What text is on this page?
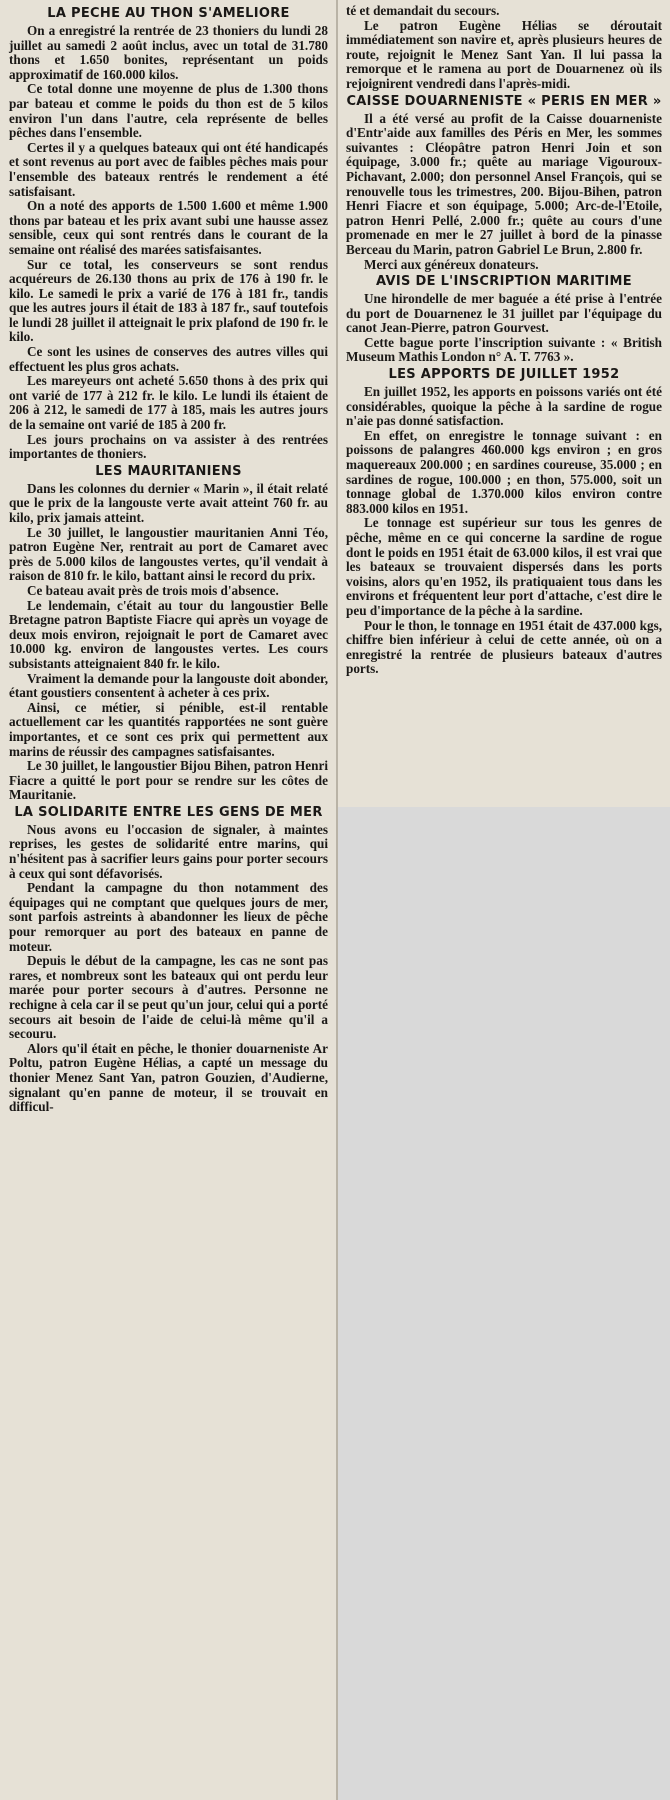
LA PECHE AU THON S'AMELIORE

On a enregistré la rentrée de 23 thoniers du lundi 28 juillet au samedi 2 août inclus, avec un total de 31.780 thons et 1.650 bonites, représentant un poids approximatif de 160.000 kilos.

Ce total donne une moyenne de plus de 1.300 thons par bateau et comme le poids du thon est de 5 kilos environ l'un dans l'autre, cela représente de belles pêches dans l'ensemble.

Certes il y a quelques bateaux qui ont été handicapés et sont revenus au port avec de faibles pêches mais pour l'ensemble des bateaux rentrés le rendement a été satisfaisant.

On a noté des apports de 1.500 1.600 et même 1.900 thons par bateau et les prix avant subi une hausse assez sensible, ceux qui sont rentrés dans le courant de la semaine ont réalisé des marées satisfaisantes.

Sur ce total, les conserveurs se sont rendus acquéreurs de 26.130 thons au prix de 176 à 190 fr. le kilo. Le samedi le prix a varié de 176 à 181 fr., tandis que les autres jours il était de 183 à 187 fr., sauf toutefois le lundi 28 juillet il atteignait le prix plafond de 190 fr. le kilo.

Ce sont les usines de conserves des autres villes qui effectuent les plus gros achats.

Les mareyeurs ont acheté 5.650 thons à des prix qui ont varié de 177 à 212 fr. le kilo. Le lundi ils étaient de 206 à 212, le samedi de 177 à 185, mais les autres jours de la semaine ont varié de 185 à 200 fr.

Les jours prochains on va assister à des rentrées importantes de thoniers.

LES MAURITANIENS

Dans les colonnes du dernier « Marin », il était relaté que le prix de la langouste verte avait atteint 760 fr. au kilo, prix jamais atteint.

Le 30 juillet, le langoustier mauritanien Anni Téo, patron Eugène Ner, rentrait au port de Camaret avec près de 5.000 kilos de langoustes vertes, qu'il vendait à raison de 810 fr. le kilo, battant ainsi le record du prix.

Ce bateau avait près de trois mois d'absence.

Le lendemain, c'était au tour du langoustier Belle Bretagne patron Baptiste Fiacre qui après un voyage de deux mois environ, rejoignait le port de Camaret avec 10.000 kg. environ de langoustes vertes. Les cours subsistants atteignaient 840 fr. le kilo.

Vraiment la demande pour la langouste doit abonder, étant goustiers consentent à acheter à ces prix.

Ainsi, ce métier, si pénible, est-il rentable actuellement car les quantités rapportées ne sont guère importantes, et ce sont ces prix qui permettent aux marins de réussir des campagnes satisfaisantes.

Le 30 juillet, le langoustier Bijou Bihen, patron Henri Fiacre a quitté le port pour se rendre sur les côtes de Mauritanie.

LA SOLIDARITE ENTRE LES GENS DE MER

Nous avons eu l'occasion de signaler, à maintes reprises, les gestes de solidarité entre marins, qui n'hésitent pas à sacrifier leurs gains pour porter secours à ceux qui sont défavorisés.

Pendant la campagne du thon notamment des équipages qui ne comptant que quelques jours de mer, sont parfois astreints à abandonner les lieux de pêche pour remorquer au port des bateaux en panne de moteur.

Depuis le début de la campagne, les cas ne sont pas rares, et nombreux sont les bateaux qui ont perdu leur marée pour porter secours à d'autres. Personne ne rechigne à cela car il se peut qu'un jour, celui qui a porté secours ait besoin de l'aide de celui-là même qu'il a secouru.

Alors qu'il était en pêche, le thonier douarneniste Ar Poltu, patron Eugène Hélias, a capté un message du thonier Menez Sant Yan, patron Gouzien, d'Audierne, signalant qu'en panne de moteur, il se trouvait en difficul-

té et demandait du secours.

Le patron Eugène Hélias se déroutait immédiatement son navire et, après plusieurs heures de route, rejoignit le Menez Sant Yan. Il lui passa la remorque et le ramena au port de Douarnenez où ils rejoignirent vendredi dans l'après-midi.

CAISSE DOUARNENISTE « PERIS EN MER »

Il a été versé au profit de la Caisse douarneniste d'Entr'aide aux familles des Péris en Mer, les sommes suivantes : Cléopâtre patron Henri Join et son équipage, 3.000 fr.; quête au mariage Vigouroux-Pichavant, 2.000; don personnel Ansel François, qui se renouvelle tous les trimestres, 200. Bijou-Bihen, patron Henri Fiacre et son équipage, 5.000; Arc-de-l'Etoile, patron Henri Pellé, 2.000 fr.; quête au cours d'une promenade en mer le 27 juillet à bord de la pinasse Berceau du Marin, patron Gabriel Le Brun, 2.800 fr.

Merci aux généreux donateurs.

AVIS DE L'INSCRIPTION MARITIME

Une hirondelle de mer baguée a été prise à l'entrée du port de Douarnenez le 31 juillet par l'équipage du canot Jean-Pierre, patron Gourvest.

Cette bague porte l'inscription suivante : « British Museum Mathis London n° A. T. 7763 ».

LES APPORTS DE JUILLET 1952

En juillet 1952, les apports en poissons variés ont été considérables, quoique la pêche à la sardine de rogue n'aie pas donné satisfaction.

En effet, on enregistre le tonnage suivant : en poissons de palangres 460.000 kgs environ ; en gros maquereaux 200.000 ; en sardines coureuse, 35.000 ; en sardines de rogue, 100.000 ; en thon, 575.000, soit un tonnage global de 1.370.000 kilos environ contre 883.000 kilos en 1951.

Le tonnage est supérieur sur tous les genres de pêche, même en ce qui concerne la sardine de rogue dont le poids en 1951 était de 63.000 kilos, il est vrai que les bateaux se trouvaient dispersés dans les ports voisins, alors qu'en 1952, ils pratiquaient tous dans les environs et fréquentent leur port d'attache, c'est dire le peu d'importance de la pêche à la sardine.

Pour le thon, le tonnage en 1951 était de 437.000 kgs, chiffre bien inférieur à celui de cette année, où on a enregistré la rentrée de plusieurs bateaux d'autres ports.
